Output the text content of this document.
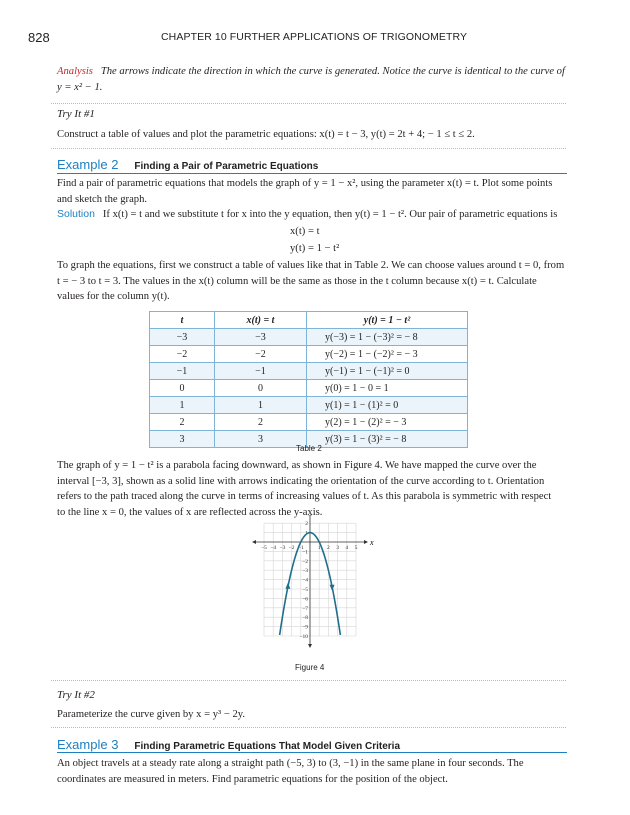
828	CHAPTER 10 FURTHER APPLICATIONS OF TRIGONOMETRY
Analysis The arrows indicate the direction in which the curve is generated. Notice the curve is identical to the curve of
y = x² − 1.
Try It #1
Construct a table of values and plot the parametric equations: x(t) = t − 3, y(t) = 2t + 4; − 1 ≤ t ≤ 2.
Example 2 Finding a Pair of Parametric Equations
Find a pair of parametric equations that models the graph of y = 1 − x², using the parameter x(t) = t. Plot some points
and sketch the graph.
Solution If x(t) = t and we substitute t for x into the y equation, then y(t) = 1 − t². Our pair of parametric equations is
x(t) = t
y(t) = 1 − t²
To graph the equations, first we construct a table of values like that in Table 2. We can choose values around t = 0, from
t = − 3 to t = 3. The values in the x(t) column will be the same as those in the t column because x(t) = t. Calculate
values for the column y(t).
t	x(t) = t	y(t) = 1 − t²
−3	−3	y(−3) = 1 − (−3)² = − 8
−2	−2	y(−2) = 1 − (−2)² = − 3
−1	−1	y(−1) = 1 − (−1)² = 0
0	0	y(0) = 1 − 0 = 1
1	1	y(1) = 1 − (1)² = 0
2	2	y(2) = 1 − (2)² = − 3
3	3	y(3) = 1 − (3)² = − 8
Table 2
The graph of y = 1 − t² is a parabola facing downward, as shown in Figure 4. We have mapped the curve over the
interval [−3, 3], shown as a solid line with arrows indicating the orientation of the curve according to t. Orientation
refers to the path traced along the curve in terms of increasing values of t. As this parabola is symmetric with respect
to the line x = 0, the values of x are reflected across the y-axis.
−5 −4 −3 −2 −1	1 2 3 4 5
2
1
−1
−2
−3
−4
−5
−6
−7
−8
−9
−10
x
Figure 4
Try It #2
Parameterize the curve given by x = y³ − 2y.
Example 3 Finding Parametric Equations That Model Given Criteria
An object travels at a steady rate along a straight path (−5, 3) to (3, −1) in the same plane in four seconds. The
coordinates are measured in meters. Find parametric equations for the position of the object.
